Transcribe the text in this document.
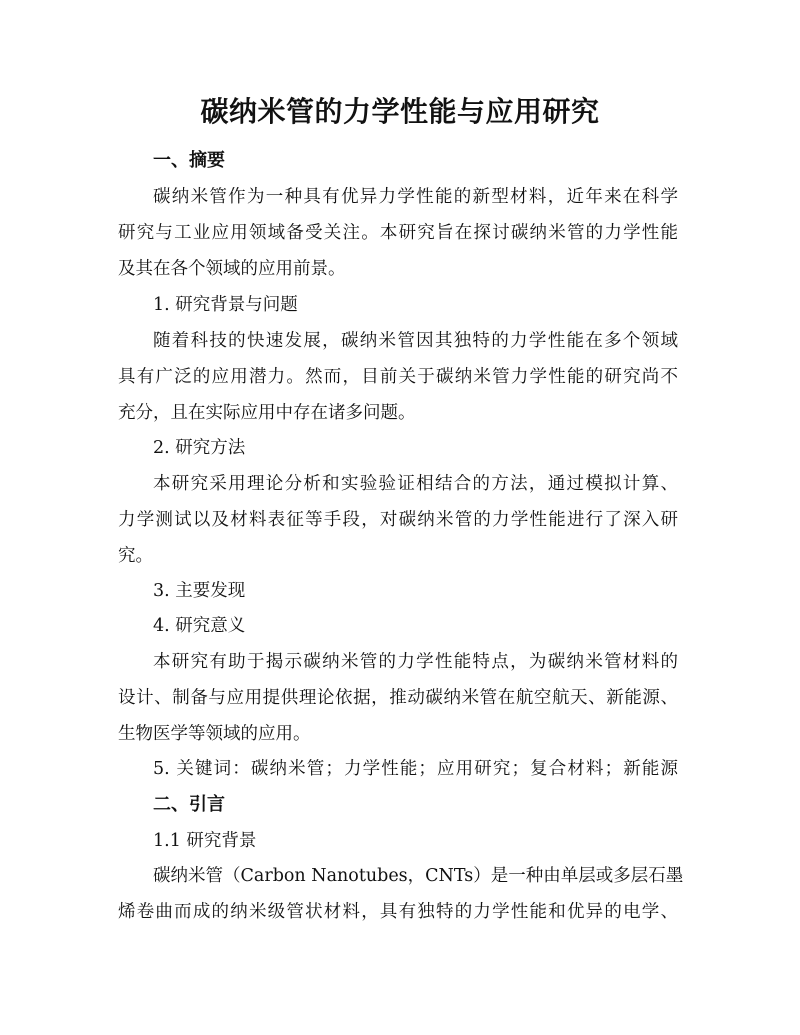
碳纳米管的力学性能与应用研究
一、摘要
碳纳米管作为一种具有优异力学性能的新型材料，近年来在科学
研究与工业应用领域备受关注。本研究旨在探讨碳纳米管的力学性能
及其在各个领域的应用前景。
1. 研究背景与问题
随着科技的快速发展，碳纳米管因其独特的力学性能在多个领域
具有广泛的应用潜力。然而，目前关于碳纳米管力学性能的研究尚不
充分，且在实际应用中存在诸多问题。
2. 研究方法
本研究采用理论分析和实验验证相结合的方法，通过模拟计算、
力学测试以及材料表征等手段，对碳纳米管的力学性能进行了深入研
究。
3. 主要发现
4. 研究意义
本研究有助于揭示碳纳米管的力学性能特点，为碳纳米管材料的
设计、制备与应用提供理论依据，推动碳纳米管在航空航天、新能源、
生物医学等领域的应用。
5. 关键词：碳纳米管；力学性能；应用研究；复合材料；新能源
二、引言
1.1 研究背景
碳纳米管（Carbon Nanotubes，CNTs）是一种由单层或多层石墨
烯卷曲而成的纳米级管状材料，具有独特的力学性能和优异的电学、
